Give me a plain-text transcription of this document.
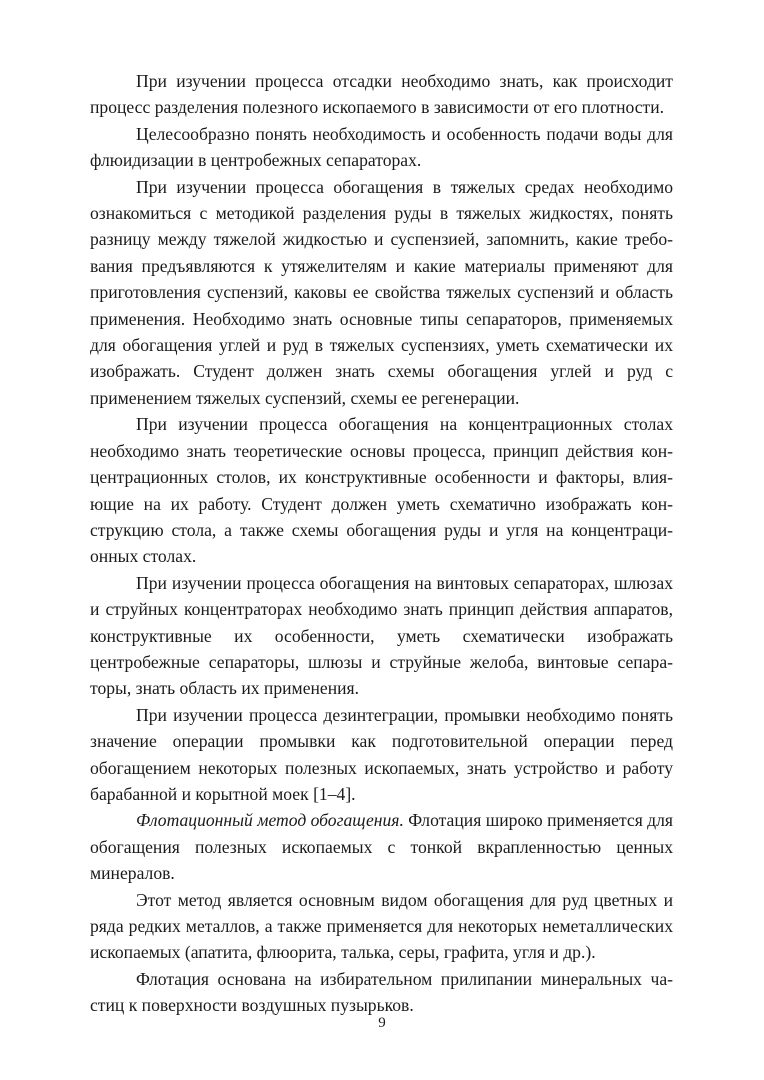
При изучении процесса отсадки необходимо знать, как происходит процесс разделения полезного ископаемого в зависимости от его плотности.

Целесообразно понять необходимость и особенность подачи воды для флюидизации в центробежных сепараторах.

При изучении процесса обогащения в тяжелых средах необходимо ознакомиться с методикой разделения руды в тяжелых жидкостях, понять разницу между тяжелой жидкостью и суспензией, запомнить, какие требования предъявляются к утяжелителям и какие материалы применяют для приготовления суспензий, каковы ее свойства тяжелых суспензий и область применения. Необходимо знать основные типы сепараторов, применяемых для обогащения углей и руд в тяжелых суспензиях, уметь схематически их изображать. Студент должен знать схемы обогащения углей и руд с применением тяжелых суспензий, схемы ее регенерации.

При изучении процесса обогащения на концентрационных столах необходимо знать теоретические основы процесса, принцип действия концентрационных столов, их конструктивные особенности и факторы, влияющие на их работу. Студент должен уметь схематично изображать конструкцию стола, а также схемы обогащения руды и угля на концентрационных столах.

При изучении процесса обогащения на винтовых сепараторах, шлюзах и струйных концентраторах необходимо знать принцип действия аппаратов, конструктивные их особенности, уметь схематически изображать центробежные сепараторы, шлюзы и струйные желоба, винтовые сепараторы, знать область их применения.

При изучении процесса дезинтеграции, промывки необходимо понять значение операции промывки как подготовительной операции перед обогащением некоторых полезных ископаемых, знать устройство и работу барабанной и корытной моек [1–4].

Флотационный метод обогащения. Флотация широко применяется для обогащения полезных ископаемых с тонкой вкрапленностью ценных минералов.

Этот метод является основным видом обогащения для руд цветных и ряда редких металлов, а также применяется для некоторых неметаллических ископаемых (апатита, флюорита, талька, серы, графита, угля и др.).

Флотация основана на избирательном прилипании минеральных частиц к поверхности воздушных пузырьков.

9
